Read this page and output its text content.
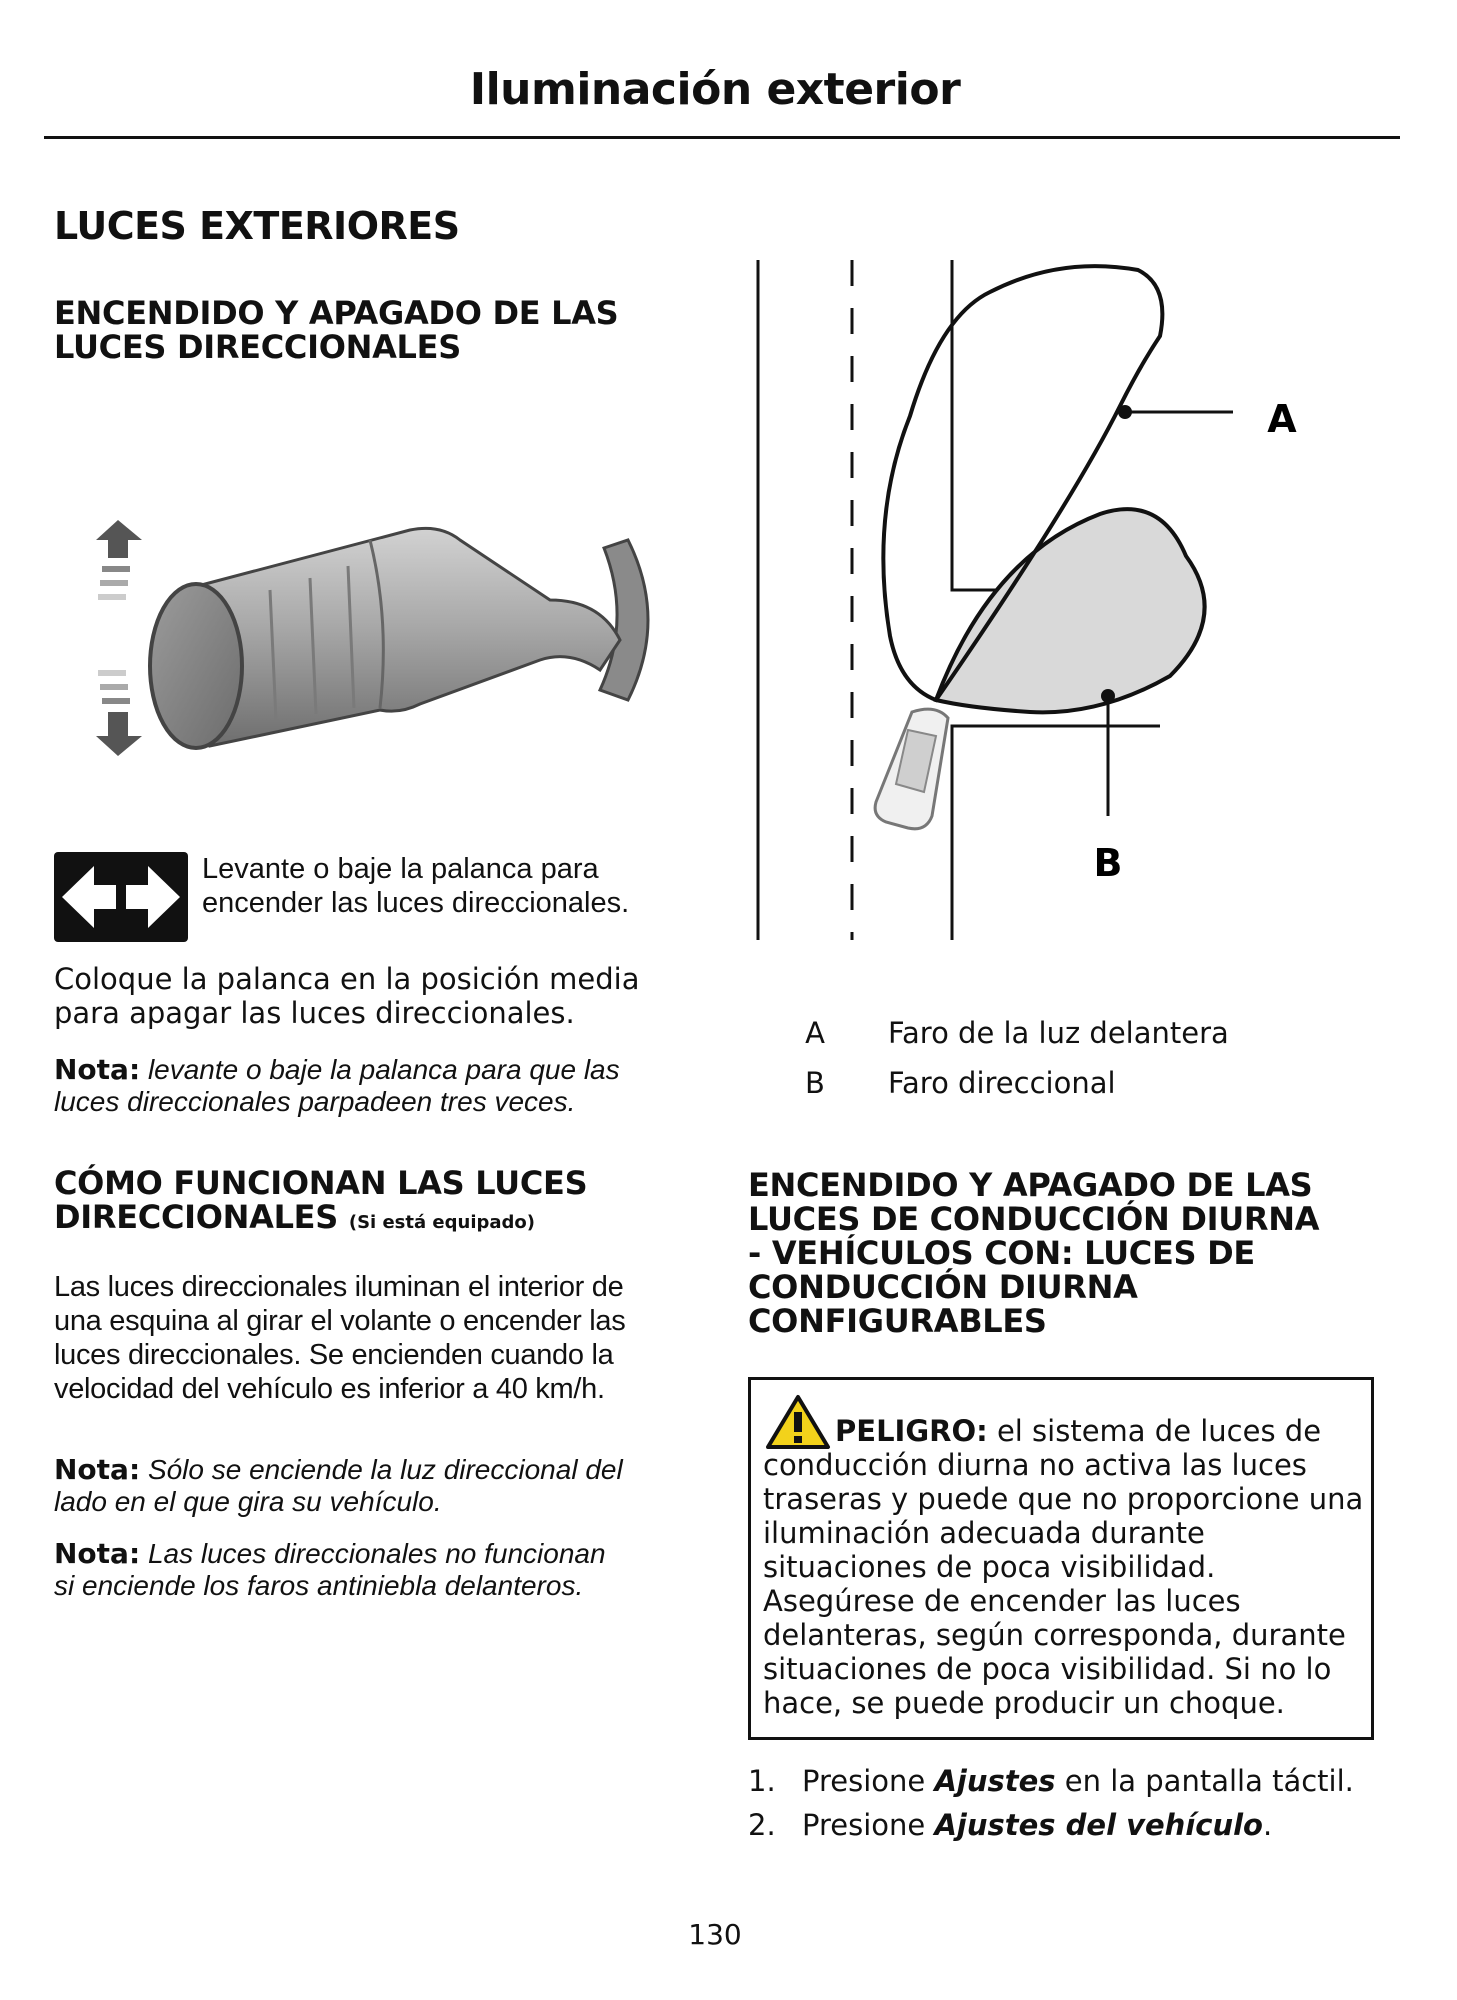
Iluminación exterior
LUCES EXTERIORES
ENCENDIDO Y APAGADO DE LAS
LUCES DIRECCIONALES
Levante o baje la palanca para
encender las luces direccionales.
Coloque la palanca en la posición media
para apagar las luces direccionales.
Nota: levante o baje la palanca para que las
luces direccionales parpadeen tres veces.
CÓMO FUNCIONAN LAS LUCES
DIRECCIONALES (Si está equipado)
Las luces direccionales iluminan el interior de
una esquina al girar el volante o encender las
luces direccionales. Se encienden cuando la
velocidad del vehículo es inferior a 40 km/h.
Nota: Sólo se enciende la luz direccional del
lado en el que gira su vehículo.
Nota: Las luces direccionales no funcionan
si enciende los faros antiniebla delanteros.
A
B
A Faro de la luz delantera
B Faro direccional
ENCENDIDO Y APAGADO DE LAS
LUCES DE CONDUCCIÓN DIURNA
- VEHÍCULOS CON: LUCES DE
CONDUCCIÓN DIURNA
CONFIGURABLES
PELIGRO: el sistema de luces de
conducción diurna no activa las luces
traseras y puede que no proporcione una
iluminación adecuada durante
situaciones de poca visibilidad.
Asegúrese de encender las luces
delanteras, según corresponda, durante
situaciones de poca visibilidad. Si no lo
hace, se puede producir un choque.
1. Presione Ajustes en la pantalla táctil.
2. Presione Ajustes del vehículo.
130
